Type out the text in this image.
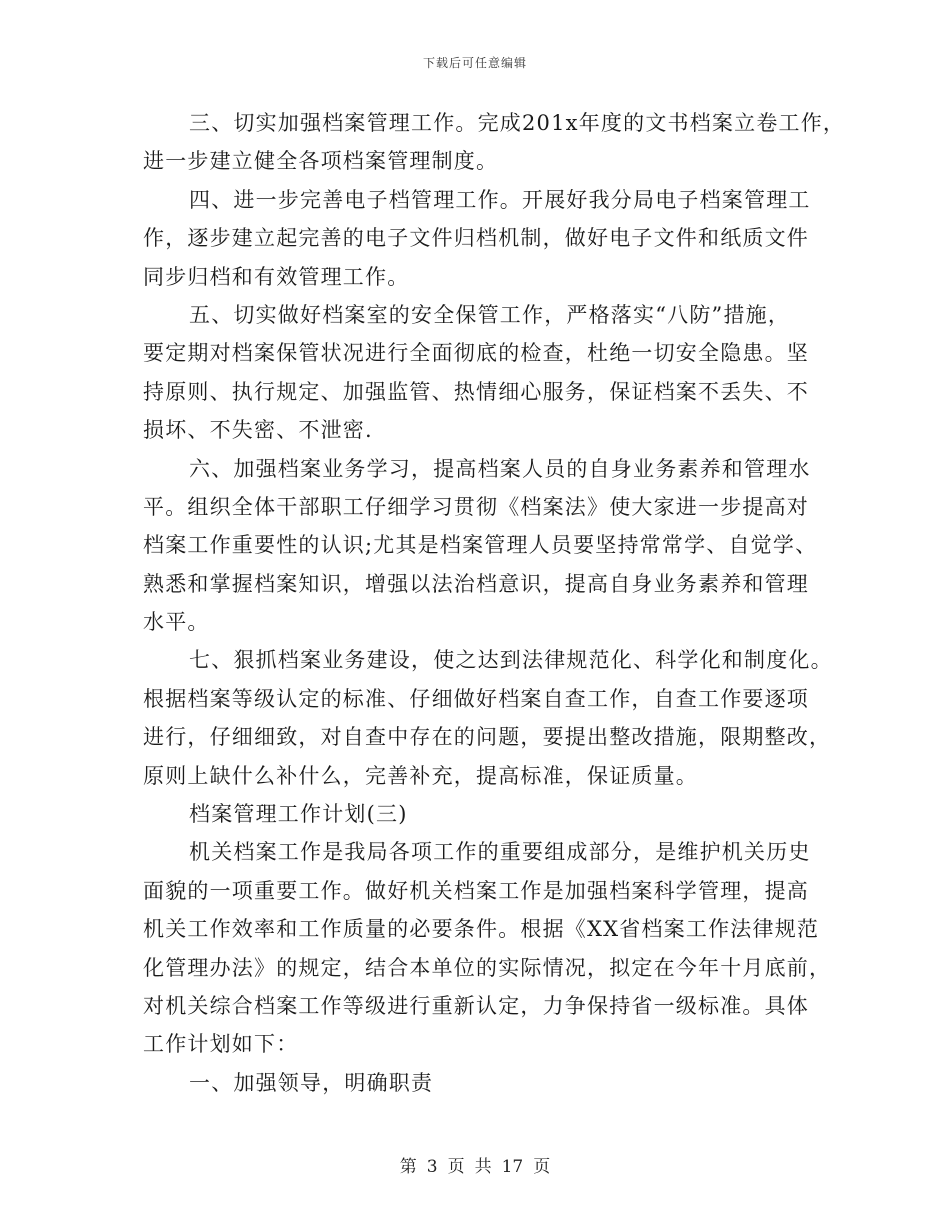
下载后可任意编辑
三、切实加强档案管理工作。完成201x年度的文书档案立卷工作，
进一步建立健全各项档案管理制度。
四、进一步完善电子档管理工作。开展好我分局电子档案管理工
作，逐步建立起完善的电子文件归档机制，做好电子文件和纸质文件
同步归档和有效管理工作。
五、切实做好档案室的安全保管工作，严格落实“八防”措施，
要定期对档案保管状况进行全面彻底的检查，杜绝一切安全隐患。坚
持原则、执行规定、加强监管、热情细心服务，保证档案不丢失、不
损坏、不失密、不泄密.
六、加强档案业务学习，提高档案人员的自身业务素养和管理水
平。组织全体干部职工仔细学习贯彻《档案法》使大家进一步提高对
档案工作重要性的认识;尤其是档案管理人员要坚持常常学、自觉学、
熟悉和掌握档案知识，增强以法治档意识，提高自身业务素养和管理
水平。
七、狠抓档案业务建设，使之达到法律规范化、科学化和制度化。
根据档案等级认定的标准、仔细做好档案自查工作，自查工作要逐项
进行，仔细细致，对自查中存在的问题，要提出整改措施，限期整改，
原则上缺什么补什么，完善补充，提高标准，保证质量。
档案管理工作计划(三)
机关档案工作是我局各项工作的重要组成部分，是维护机关历史
面貌的一项重要工作。做好机关档案工作是加强档案科学管理，提高
机关工作效率和工作质量的必要条件。根据《XX省档案工作法律规范
化管理办法》的规定，结合本单位的实际情况，拟定在今年十月底前，
对机关综合档案工作等级进行重新认定，力争保持省一级标准。具体
工作计划如下：
一、加强领导，明确职责
第 3 页 共 17 页
